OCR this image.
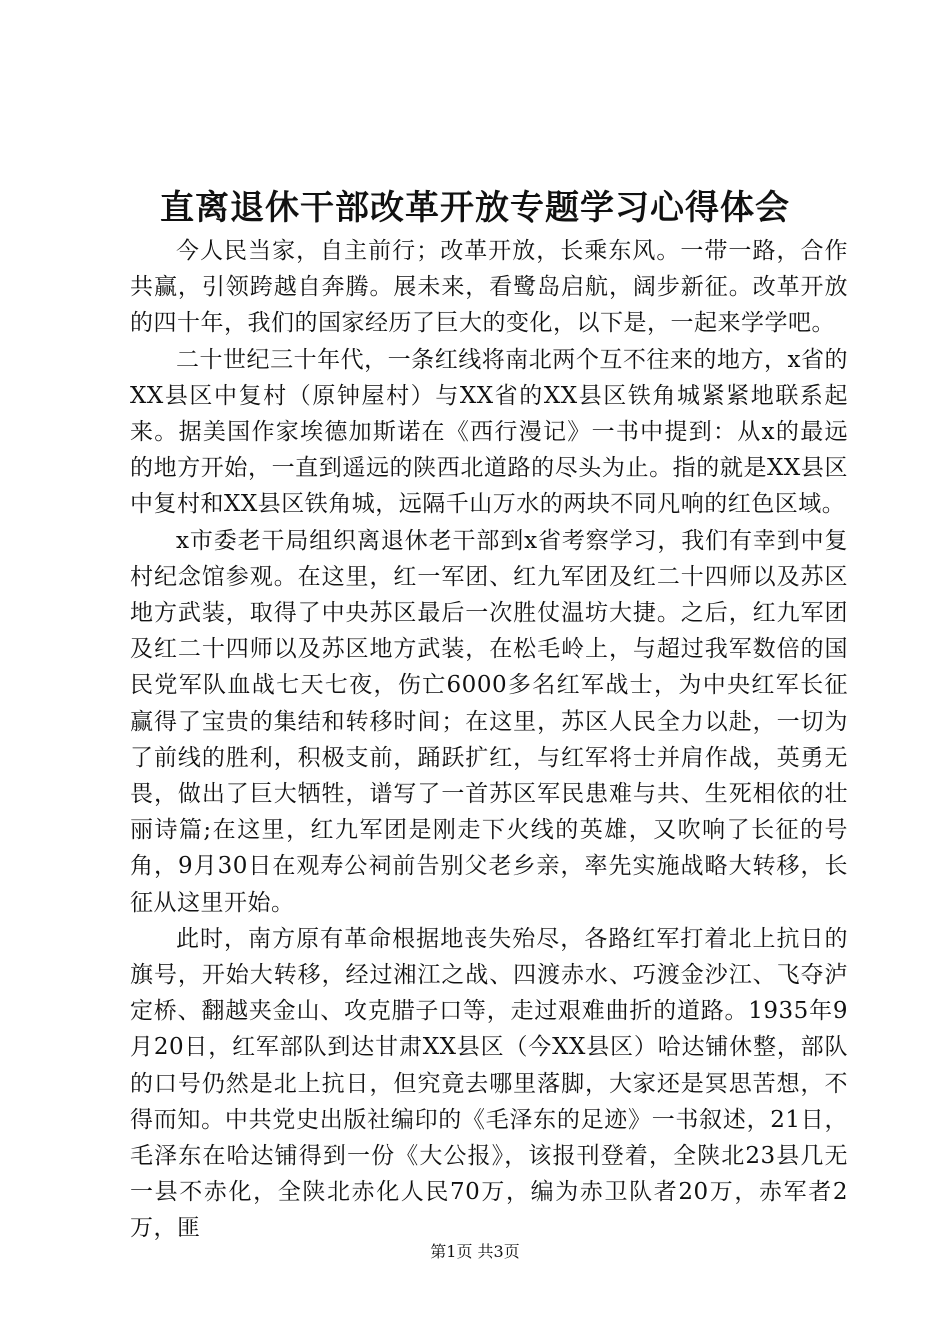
直离退休干部改革开放专题学习心得体会

今人民当家，自主前行；改革开放，长乘东风。一带一路，合作共赢，引领跨越自奔腾。展未来，看鹭岛启航，阔步新征。改革开放的四十年，我们的国家经历了巨大的变化，以下是，一起来学学吧。

二十世纪三十年代，一条红线将南北两个互不往来的地方，x省的XX县区中复村（原钟屋村）与XX省的XX县区铁角城紧紧地联系起来。据美国作家埃德加斯诺在《西行漫记》一书中提到：从x的最远的地方开始，一直到遥远的陕西北道路的尽头为止。指的就是XX县区中复村和XX县区铁角城，远隔千山万水的两块不同凡响的红色区域。

x市委老干局组织离退休老干部到x省考察学习，我们有幸到中复村纪念馆参观。在这里，红一军团、红九军团及红二十四师以及苏区地方武装，取得了中央苏区最后一次胜仗温坊大捷。之后，红九军团及红二十四师以及苏区地方武装，在松毛岭上，与超过我军数倍的国民党军队血战七天七夜，伤亡6000多名红军战士，为中央红军长征赢得了宝贵的集结和转移时间；在这里，苏区人民全力以赴，一切为了前线的胜利，积极支前，踊跃扩红，与红军将士并肩作战，英勇无畏，做出了巨大牺牲，谱写了一首苏区军民患难与共、生死相依的壮丽诗篇;在这里，红九军团是刚走下火线的英雄，又吹响了长征的号角，9月30日在观寿公祠前告别父老乡亲，率先实施战略大转移，长征从这里开始。

此时，南方原有革命根据地丧失殆尽，各路红军打着北上抗日的旗号，开始大转移，经过湘江之战、四渡赤水、巧渡金沙江、飞夺泸定桥、翻越夹金山、攻克腊子口等，走过艰难曲折的道路。1935年9月20日，红军部队到达甘肃XX县区（今XX县区）哈达铺休整，部队的口号仍然是北上抗日，但究竟去哪里落脚，大家还是冥思苦想，不得而知。中共党史出版社编印的《毛泽东的足迹》一书叙述，21日，毛泽东在哈达铺得到一份《大公报》，该报刊登着，全陕北23县几无一县不赤化，全陕北赤化人民70万，编为赤卫队者20万，赤军者2万，匪

第1页 共3页
